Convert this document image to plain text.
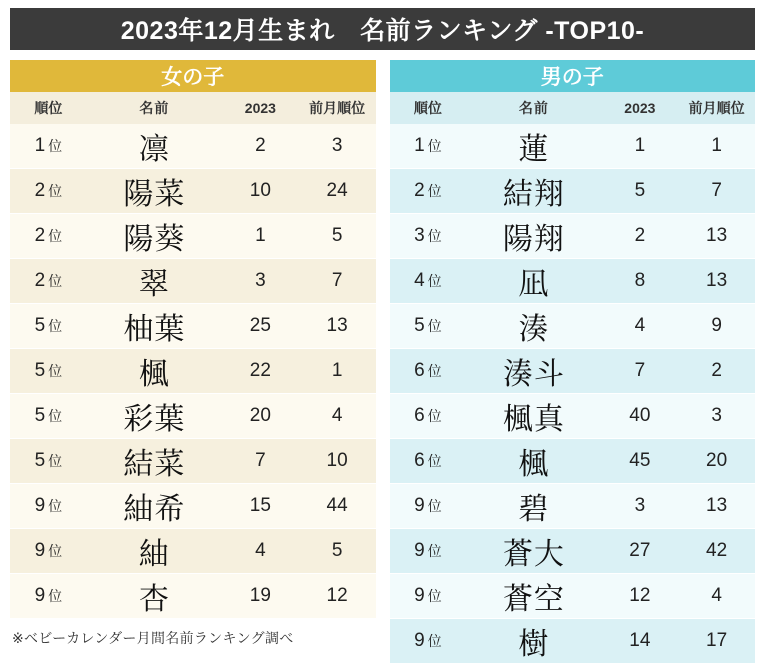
2023年12月生まれ　名前ランキング -TOP10-
女の子
順位	名前	2023	前月順位
1 位	凛	2	3
2 位	陽菜	10	24
2 位	陽葵	1	5
2 位	翠	3	7
5 位	柚葉	25	13
5 位	楓	22	1
5 位	彩葉	20	4
5 位	結菜	7	10
9 位	紬希	15	44
9 位	紬	4	5
9 位	杏	19	12
※ベビーカレンダー月間名前ランキング調べ
男の子
順位	名前	2023	前月順位
1 位	蓮	1	1
2 位	結翔	5	7
3 位	陽翔	2	13
4 位	凪	8	13
5 位	湊	4	9
6 位	湊斗	7	2
6 位	楓真	40	3
6 位	楓	45	20
9 位	碧	3	13
9 位	蒼大	27	42
9 位	蒼空	12	4
9 位	樹	14	17
